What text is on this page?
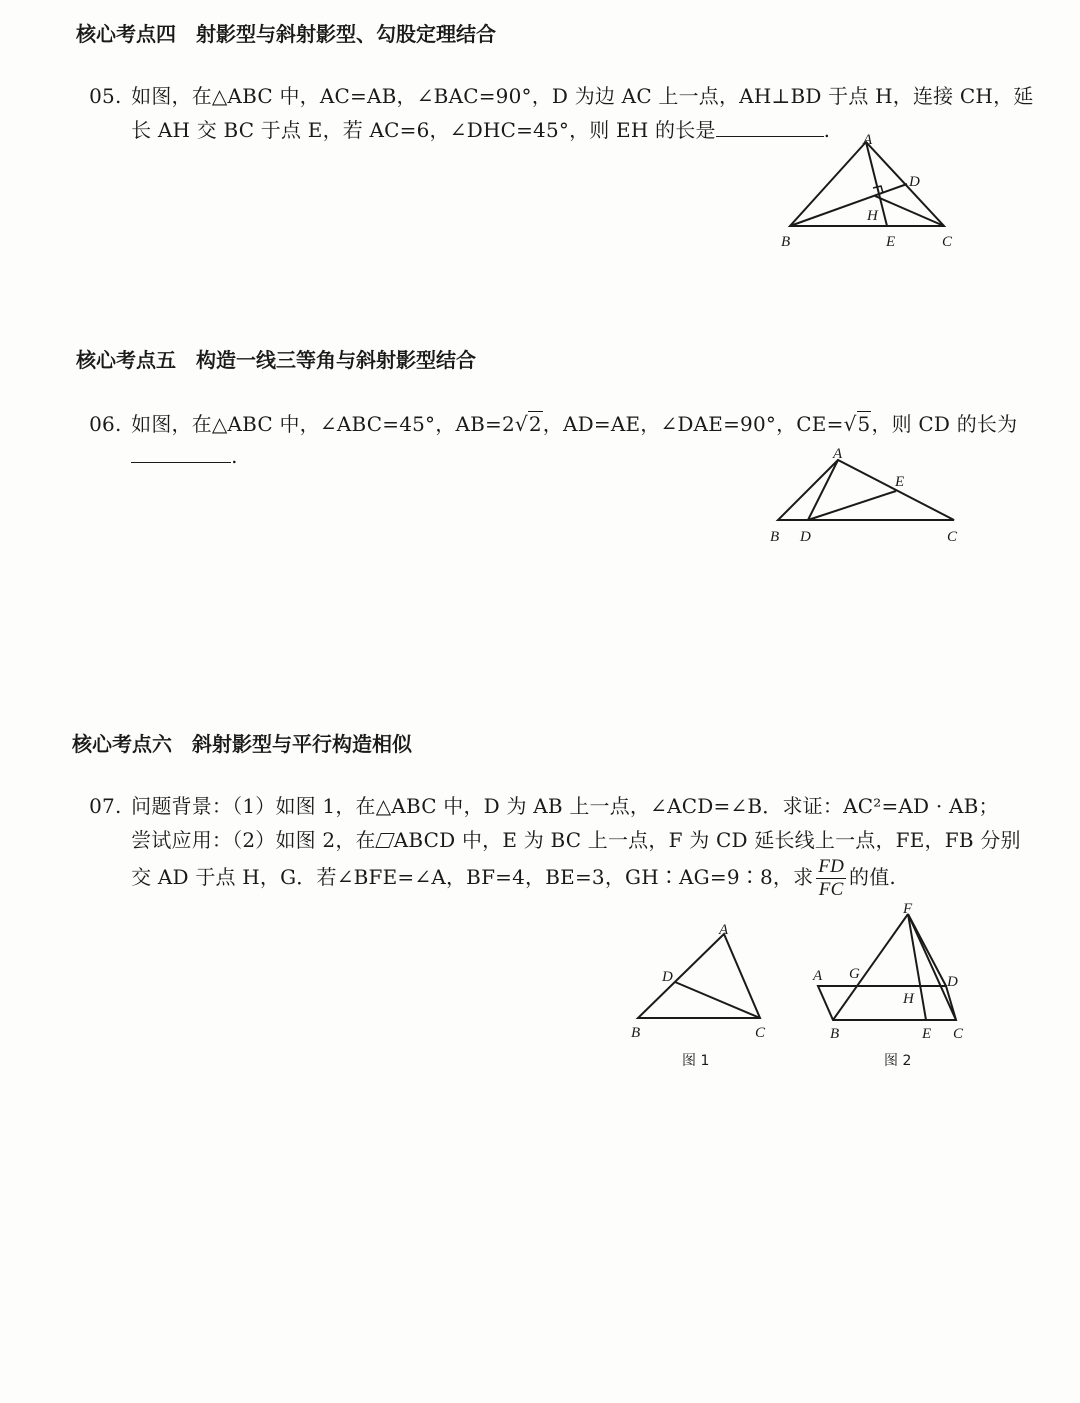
核心考点四　射影型与斜射影型、勾股定理结合

05. 如图，在△ABC 中，AC=AB，∠BAC=90°，D 为边 AC 上一点，AH⊥BD 于点 H，连接 CH，延

长 AH 交 BC 于点 E，若 AC=6，∠DHC=45°，则 EH 的长是	. A
D
H
B	E	C
核心考点五　构造一线三等角与斜射影型结合

06. 如图，在△ABC 中，∠ABC=45°，AB=2√2，AD=AE，∠DAE=90°，CE=√5，则 CD 的长为

.	A
E
B D	C
核心考点六　斜射影型与平行构造相似

07. 问题背景：（1）如图 1，在△ABC 中，D 为 AB 上一点，∠ACD=∠B．求证：AC²=AD · AB；

尝试应用：（2）如图 2，在 ABCD 中，E 为 BC 上一点，F 为 CD 延长线上一点，FE，FB 分别

交 AD 于点 H，G．若∠BFE=∠A，BF=4，BE=3，GH∶AG=9∶8，求 $\frac{FD}{FC}$ 的值.

A
D
B	C
图 1
F
A G	D
H
B	E C
图 2
